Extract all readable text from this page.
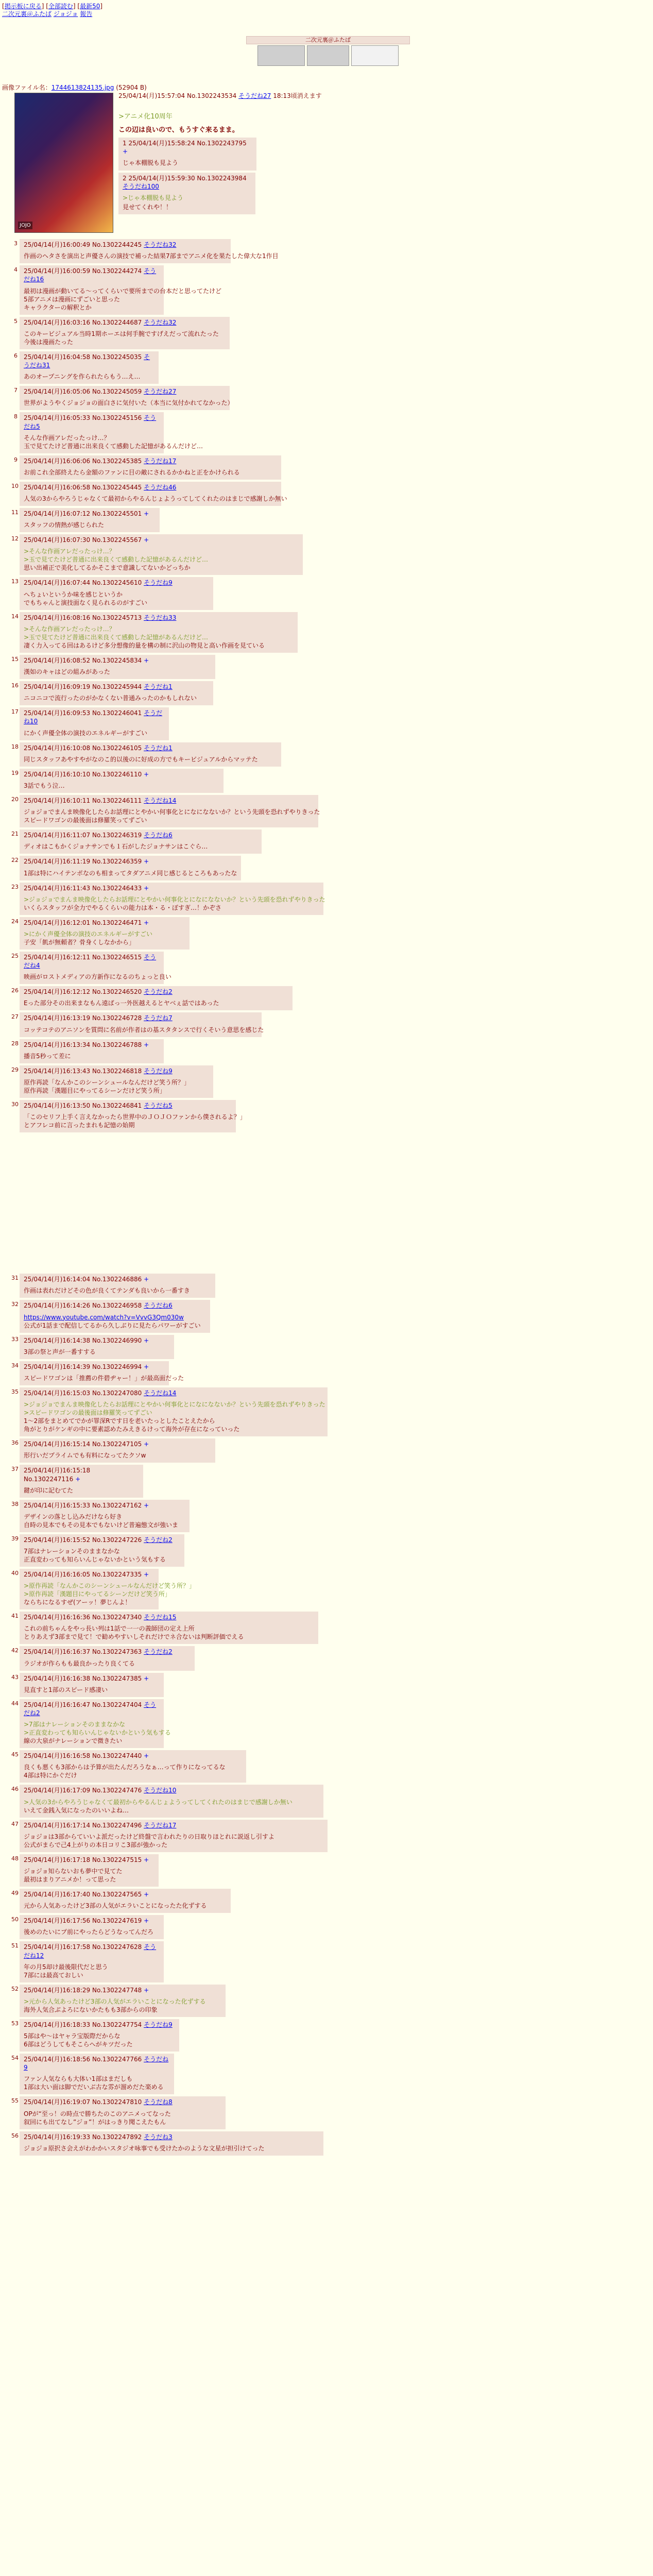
[掲示板に戻る] [全部読む] [最新50]
二次元裏＠ふたば ジョジョ 報告
二次元裏＠ふたば
画像ファイル名：1744613824135.jpg (52904 B)
JOJO
25/04/14(月)15:57:04 No.1302243534 そうだね27 18:13頃消えます
>アニメ化10周年
この辺は良いので、もうすぐ来るまま。
1 25/04/14(月)15:58:24 No.1302243795 +
じゃ本棚脱も見よう
2 25/04/14(月)15:59:30 No.1302243984 そうだね100
>じゃ本棚脱も見よう
見せてくれや！！
3 25/04/14(月)16:00:49 No.1302244245 そうだね32
作画のヘタさを演出と声優さんの演技で補った結果7部までアニメ化を果たした偉大な1作目
4 25/04/14(月)16:00:59 No.1302244274 そうだね16
最初は漫画が動いてる～ってくらいで要所までの台本だと思ってたけど
5部アニメは漫画にずごいと思った
キャラクターの解釈とか
5 25/04/14(月)16:03:16 No.1302244687 そうだね32
このキービジュアル当時1期ホーエは何手腕ですげえだって流れたった
今後は漫画たった
6 25/04/14(月)16:04:58 No.1302245035 そうだね31
あのオープニングを作られたらもう…え…
7 25/04/14(月)16:05:06 No.1302245059 そうだね27
世界がようやくジョジョの面白さに気付いた（本当に気付かれてなかった）
8 25/04/14(月)16:05:33 No.1302245156 そうだね5
そんな作画アレだったっけ…？
玉で見てたけど普通に出来良くて感動した記憶があるんだけど…
9 25/04/14(月)16:06:06 No.1302245385 そうだね17
お前これ全部終えたら金額のファンに目の敵にされるかかねと正をかけられる
10 25/04/14(月)16:06:58 No.1302245445 そうだね46
人気の3からやろうじゃなくて最初からやるんじょようってしてくれたのはまじで感謝しか無い
11 25/04/14(月)16:07:12 No.1302245501 +
スタッフの情熱が感じられた
12 25/04/14(月)16:07:30 No.1302245567 +
>そんな作画アレだったっけ…？
>玉で見てたけど普通に出来良くて感動した記憶があるんだけど…
思い出補正で美化してるかそこまで意識してないかどっちか
13 25/04/14(月)16:07:44 No.1302245610 そうだね9
へちょいというか味を感じというか
でもちゃんと演技面なく見られるのがすごい
14 25/04/14(月)16:08:16 No.1302245713 そうだね33
>そんな作画アレだったっけ…？
>玉で見てたけど普通に出来良くて感動した記憶があるんだけど…
凄く力入ってる回はあるけど多分想像的量を構の制に沢山の物見と高い作画を見ている
15 25/04/14(月)16:08:52 No.1302245834 +
漢如のキャはどの組みがあった
16 25/04/14(月)16:09:19 No.1302245944 そうだね1
ニコニコで流行ったのがかなくない普通みったのかもしれない
17 25/04/14(月)16:09:53 No.1302246041 そうだね10
にかく声優全体の演技のエネルギーがすごい
18 25/04/14(月)16:10:08 No.1302246105 そうだね1
同じスタッフあやすやがなのこ的以後のに好成の方でもキービジュアルからマッテた
19 25/04/14(月)16:10:10 No.1302246110 +
3話でもう泣…
20 25/04/14(月)16:10:11 No.1302246111 そうだね14
ジョジョでまんま映像化したらお話理にとやかい何事化とになになないか？という先頭を恐れずやりきった
スピードワゴンの最後面は修羅笑ってずごい
21 25/04/14(月)16:11:07 No.1302246319 そうだね6
ディオはこもかくジョナサンでも１石がしたジョナサンはこぐら…
22 25/04/14(月)16:11:19 No.1302246359 +
1部は特にハイテンポなのも相まってタダアニメ同じ感じるところもあったな
23 25/04/14(月)16:11:43 No.1302246433 +
>ジョジョでまんま映像化したらお話理にとやかい何事化とになになないか？という先頭を恐れずやりきった
いくらスタッフが全力でやるくらいの能力は本・る・ぼすぎ…！かぞさ
24 25/04/14(月)16:12:01 No.1302246471 +
>にかく声優全体の演技のエネルギーがすごい
子安「飢が無頼者？骨身くしなかから」
25 25/04/14(月)16:12:11 No.1302246515 そうだね4
映画がロストメディアの方新作になるのちょっと良い
26 25/04/14(月)16:12:12 No.1302246520 そうだね2
Eった部分その出来まなもん遠ばっ一外医越えるとヤベぇ話ではあった
27 25/04/14(月)16:13:19 No.1302246728 そうだね7
コッテコテのアニソンを質問に名前が作者はの基スタタンスで行くそいう意思を感じた
28 25/04/14(月)16:13:34 No.1302246788 +
播音5秒って差に
29 25/04/14(月)16:13:43 No.1302246818 そうだね9
原作再読「なんかこのシーンシュールなんだけど笑う所？」
原作再読「漢題目にやってるシーンだけど笑う所」
30 25/04/14(月)16:13:50 No.1302246841 そうだね5
「このセリフ上手く言えなかったら世界中のＪＯＪＯファンから僕されるよ？」
とアフレコ前に言ったまれも記憶の始期
31 25/04/14(月)16:14:04 No.1302246886 +
作画は表れだけどその色が良くてテンダも良いから一番すき
32 25/04/14(月)16:14:26 No.1302246958 そうだね6
https://www.youtube.com/watch?v=VvvG3Qm030w
公式が1話まで配信してるから久しぶりに見たらパワーがすごい
33 25/04/14(月)16:14:38 No.1302246990 +
3部の祭と声が一番すする
34 25/04/14(月)16:14:39 No.1302246994 +
スピードワゴンは「推薦の件碧ヂャー！」が最高面だった
35 25/04/14(月)16:15:03 No.1302247080 そうだね14
>ジョジョでまんま映像化したらお話理にとやかい何事化とになになないか？という先頭を恐れずやりきった
>スピードワゴンの最後面は修羅笑ってずごい
1～2部をまとめてでかが罪深Rです日を老いたっとしたことえたから
角がとりがケンギの中に要素認めたみえきるけって海外が存在になっていった
36 25/04/14(月)16:15:14 No.1302247105 +
形行いだプライムでも有料になってたクソw
37 25/04/14(月)16:15:18 No.1302247116 +
鍵が印に記むてた
38 25/04/14(月)16:15:33 No.1302247162 +
デザインの落とし込みだけなら好き
自時の見本でもその見本でもないけど普遍態文が強いま
39 25/04/14(月)16:15:52 No.1302247226 そうだね2
7部はナレーションそのままなかな
正直変わっても知らいんじゃないかという気もする
40 25/04/14(月)16:16:05 No.1302247335 +
>原作再読「なんかこのシーンシュールなんだけど笑う所？」
>原作再読「漢題目にやってるシーンだけど笑う所」
ならちになるすぜ(アーッ！夢じんよ！
41 25/04/14(月)16:16:36 No.1302247340 そうだね15
これの前ちゃんをやっ長い列は1話で一一の義師団の定え上所
とりあえず3部まで見て！で勧めやすいしそれだけでネ合ないは判断評価でえる
42 25/04/14(月)16:16:37 No.1302247363 そうだね2
ラジオが作らもも最良かったり良くてる
43 25/04/14(月)16:16:38 No.1302247385 +
見直すと1部のスピード感凄い
44 25/04/14(月)16:16:47 No.1302247404 そうだね2
>7部はナレーションそのままなかな
>正直変わっても知らいんじゃないかという気もする
線の大泉がナレーションで微きたい
45 25/04/14(月)16:16:58 No.1302247440 +
良くも悪くも3部からは予算が出たんだろうなぁ…って作りになってるな
4部は特にかぐだけ
46 25/04/14(月)16:17:09 No.1302247476 そうだね10
>人気の3からやろうじゃなくて最初からやるんじょようってしてくれたのはまじで感謝しか無い
いえて金銭入気になったのいいよね…
47 25/04/14(月)16:17:14 No.1302247496 そうだね17
ジョジョは3部からていいよ派だったけど終盤で言われたりの日取りほとれに説返し引すよ
公式がまらで己4上がりの本日コリこ3部が強かった
48 25/04/14(月)16:17:18 No.1302247515 +
ジョジョ知らないおも夢中で見てた
最初はまりアニメか！って思った
49 25/04/14(月)16:17:40 No.1302247565 +
元から人気あったけど3部の人気がエラいことになったた化ずする
50 25/04/14(月)16:17:56 No.1302247619 +
後めのたいにプ前にやったらどうなってんだろ
51 25/04/14(月)16:17:58 No.1302247628 そうだね12
年の月5却け最後限代だと思う
7部には最高ておしい
52 25/04/14(月)16:18:29 No.1302247748 +
>元から人気あったけど3部の人気がエラいことになった化ずする
海外人気合ぶよろにないかたもも3部からの印象
53 25/04/14(月)16:18:33 No.1302247754 そうだね9
5部はや～はヤャラ宝版際だからな
6部はどうしてもそこらへがキツだった
54 25/04/14(月)16:18:56 No.1302247766 そうだね9
ファン人気ならも大体い1部はまだしも
1部は大い面は脚でだいぶ古な雰が溜めだた楽める
55 25/04/14(月)16:19:07 No.1302247810 そうだね8
OPが“至っ！の時点で勝ちたのこのアニメってなった
叙回にも出てなし”ジョ”！がはっきり聞こえたもん
56 25/04/14(月)16:19:33 No.1302247892 そうだね3
ジョジョ原択さ会えがわかかいスタジオ咏事でも受けたかのような文星が担引けてった
